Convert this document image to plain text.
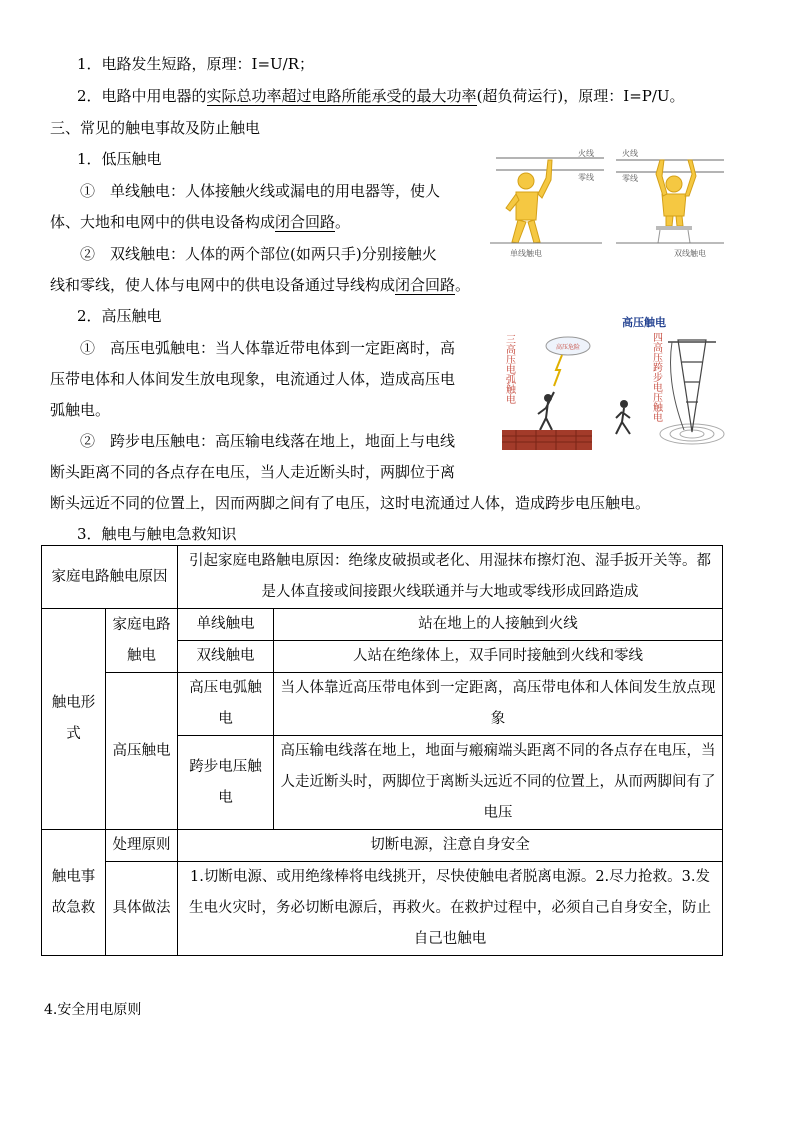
1．电路发生短路，原理：I=U/R；
2．电路中用电器的实际总功率超过电路所能承受的最大功率(超负荷运行)，原理：I=P/U。
三、常见的触电事故及防止触电
1．低压触电
①　单线触电：人体接触火线或漏电的用电器等，使人
体、大地和电网中的供电设备构成闭合回路。
②　双线触电：人体的两个部位(如两只手)分别接触火
线和零线，使人体与电网中的供电设备通过导线构成闭合回路。
2．高压触电
①　高压电弧触电：当人体靠近带电体到一定距离时，高
压带电体和人体间发生放电现象，电流通过人体，造成高压电
弧触电。
②　跨步电压触电：高压输电线落在地上，地面上与电线
断头距离不同的各点存在电压，当人走近断头时，两脚位于离
断头远近不同的位置上，因而两脚之间有了电压，这时电流通过人体，造成跨步电压触电。
3．触电与触电急救知识
火线
零线
单线触电
火线
零线
双线触电
高压触电
三高压电弧触电	四高压跨步电压触电
高压危险
家庭电路触电原因		引起家庭电路触电原因：绝缘皮破损或老化、用湿抹布擦灯泡、湿手扳开关等。都是人体直接或间接跟火线联通并与大地或零线形成回路造成	
触电形式	家庭电路触电	单线触电	站在地上的人接触到火线
		双线触电	人站在绝缘体上，双手同时接触到火线和零线
	高压触电	高压电弧触电	当人体靠近高压带电体到一定距离，高压带电体和人体间发生放点现象
		跨步电压触电	高压输电线落在地上，地面与瘢痫端头距离不同的各点存在电压，当人走近断头时，两脚位于离断头远近不同的位置上，从而两脚间有了电压
触电事故急救	处理原则	切断电源，注意自身安全	
	具体做法	1.切断电源、或用绝缘棒将电线挑开，尽快使触电者脱离电源。2.尽力抢救。3.发生电火灾时，务必切断电源后，再救火。在救护过程中，必须自己自身安全，防止自己也触电	
4.安全用电原则
